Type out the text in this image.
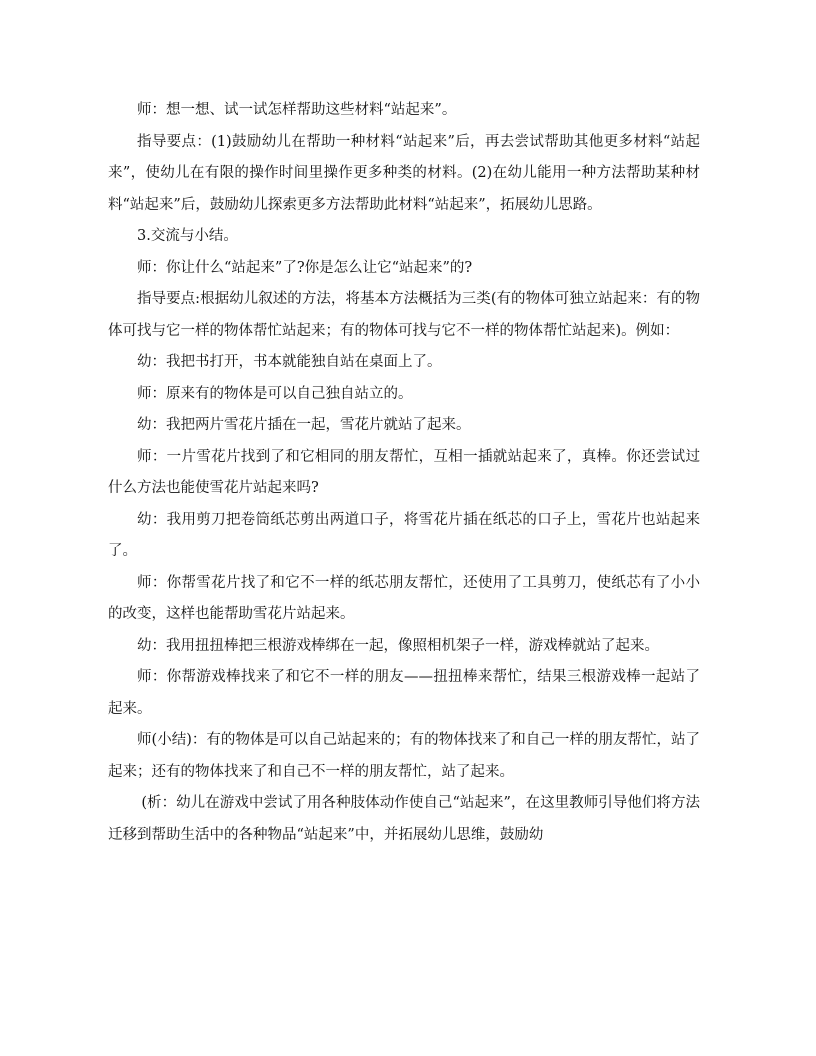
师：想一想、试一试怎样帮助这些材料“站起来”。

指导要点：(1)鼓励幼儿在帮助一种材料“站起来”后，再去尝试帮助其他更多材料“站起来”，使幼儿在有限的操作时间里操作更多种类的材料。(2)在幼儿能用一种方法帮助某种材料“站起来”后，鼓励幼儿探索更多方法帮助此材料“站起来”，拓展幼儿思路。

3.交流与小结。

师：你让什么“站起来”了?你是怎么让它“站起来”的?

指导要点:根据幼儿叙述的方法，将基本方法概括为三类(有的物体可独立站起来：有的物体可找与它一样的物体帮忙站起来；有的物体可找与它不一样的物体帮忙站起来)。例如：

幼：我把书打开，书本就能独自站在桌面上了。

师：原来有的物体是可以自己独自站立的。

幼：我把两片雪花片插在一起，雪花片就站了起来。

师：一片雪花片找到了和它相同的朋友帮忙，互相一插就站起来了，真棒。你还尝试过什么方法也能使雪花片站起来吗?

幼：我用剪刀把卷筒纸芯剪出两道口子，将雪花片插在纸芯的口子上，雪花片也站起来了。

师：你帮雪花片找了和它不一样的纸芯朋友帮忙，还使用了工具剪刀，使纸芯有了小小的改变，这样也能帮助雪花片站起来。

幼：我用扭扭棒把三根游戏棒绑在一起，像照相机架子一样，游戏棒就站了起来。

师：你帮游戏棒找来了和它不一样的朋友——扭扭棒来帮忙，结果三根游戏棒一起站了起来。

师(小结)：有的物体是可以自己站起来的；有的物体找来了和自己一样的朋友帮忙，站了起来；还有的物体找来了和自己不一样的朋友帮忙，站了起来。

(析：幼儿在游戏中尝试了用各种肢体动作使自己“站起来”，在这里教师引导他们将方法迁移到帮助生活中的各种物品“站起来”中，并拓展幼儿思维，鼓励幼
